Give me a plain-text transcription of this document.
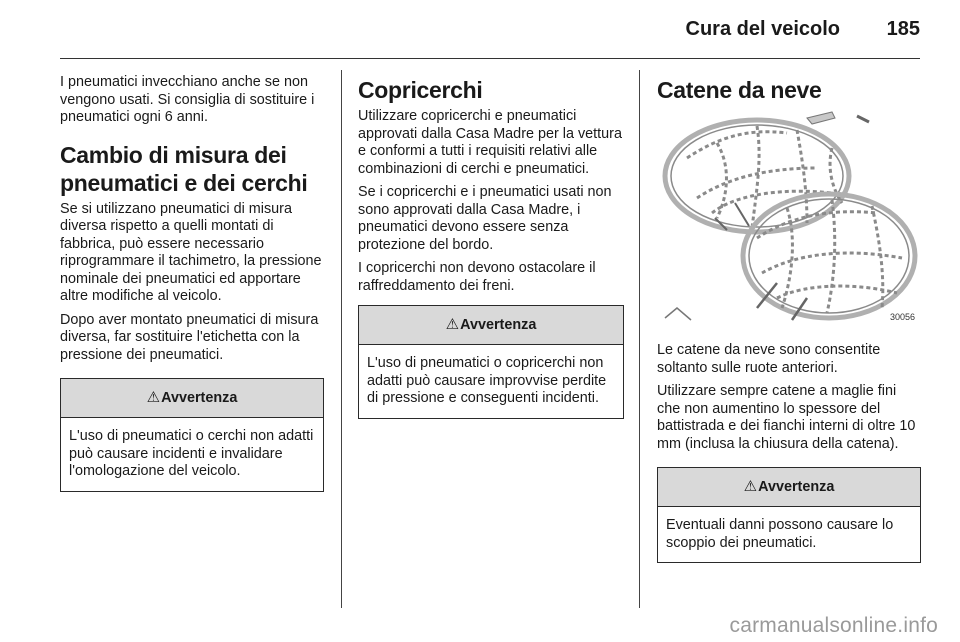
Cura del veicolo 185

I pneumatici invecchiano anche se non vengono usati. Si consiglia di sostituire i pneumatici ogni 6 anni.

Cambio di misura dei pneumatici e dei cerchi

Se si utilizzano pneumatici di misura diversa rispetto a quelli montati di fabbrica, può essere necessario riprogrammare il tachimetro, la pressione nominale dei pneumatici ed apportare altre modifiche al veicolo.

Dopo aver montato pneumatici di misura diversa, far sostituire l'etichetta con la pressione dei pneumatici.

⚠Avvertenza
L'uso di pneumatici o cerchi non adatti può causare incidenti e invalidare l'omologazione del veicolo.
Copricerchi

Utilizzare copricerchi e pneumatici approvati dalla Casa Madre per la vettura e conformi a tutti i requisiti relativi alle combinazioni di cerchi e pneumatici.

Se i copricerchi e i pneumatici usati non sono approvati dalla Casa Madre, i pneumatici devono essere senza protezione del bordo.

I copricerchi non devono ostacolare il raffreddamento dei freni.

⚠Avvertenza
L'uso di pneumatici o copricerchi non adatti può causare improvvise perdite di pressione e conseguenti incidenti.
Catene da neve
30056

Le catene da neve sono consentite soltanto sulle ruote anteriori.

Utilizzare sempre catene a maglie fini che non aumentino lo spessore del battistrada e dei fianchi interni di oltre 10 mm (inclusa la chiusura della catena).

⚠Avvertenza
Eventuali danni possono causare lo scoppio dei pneumatici.
carmanualsonline.info
